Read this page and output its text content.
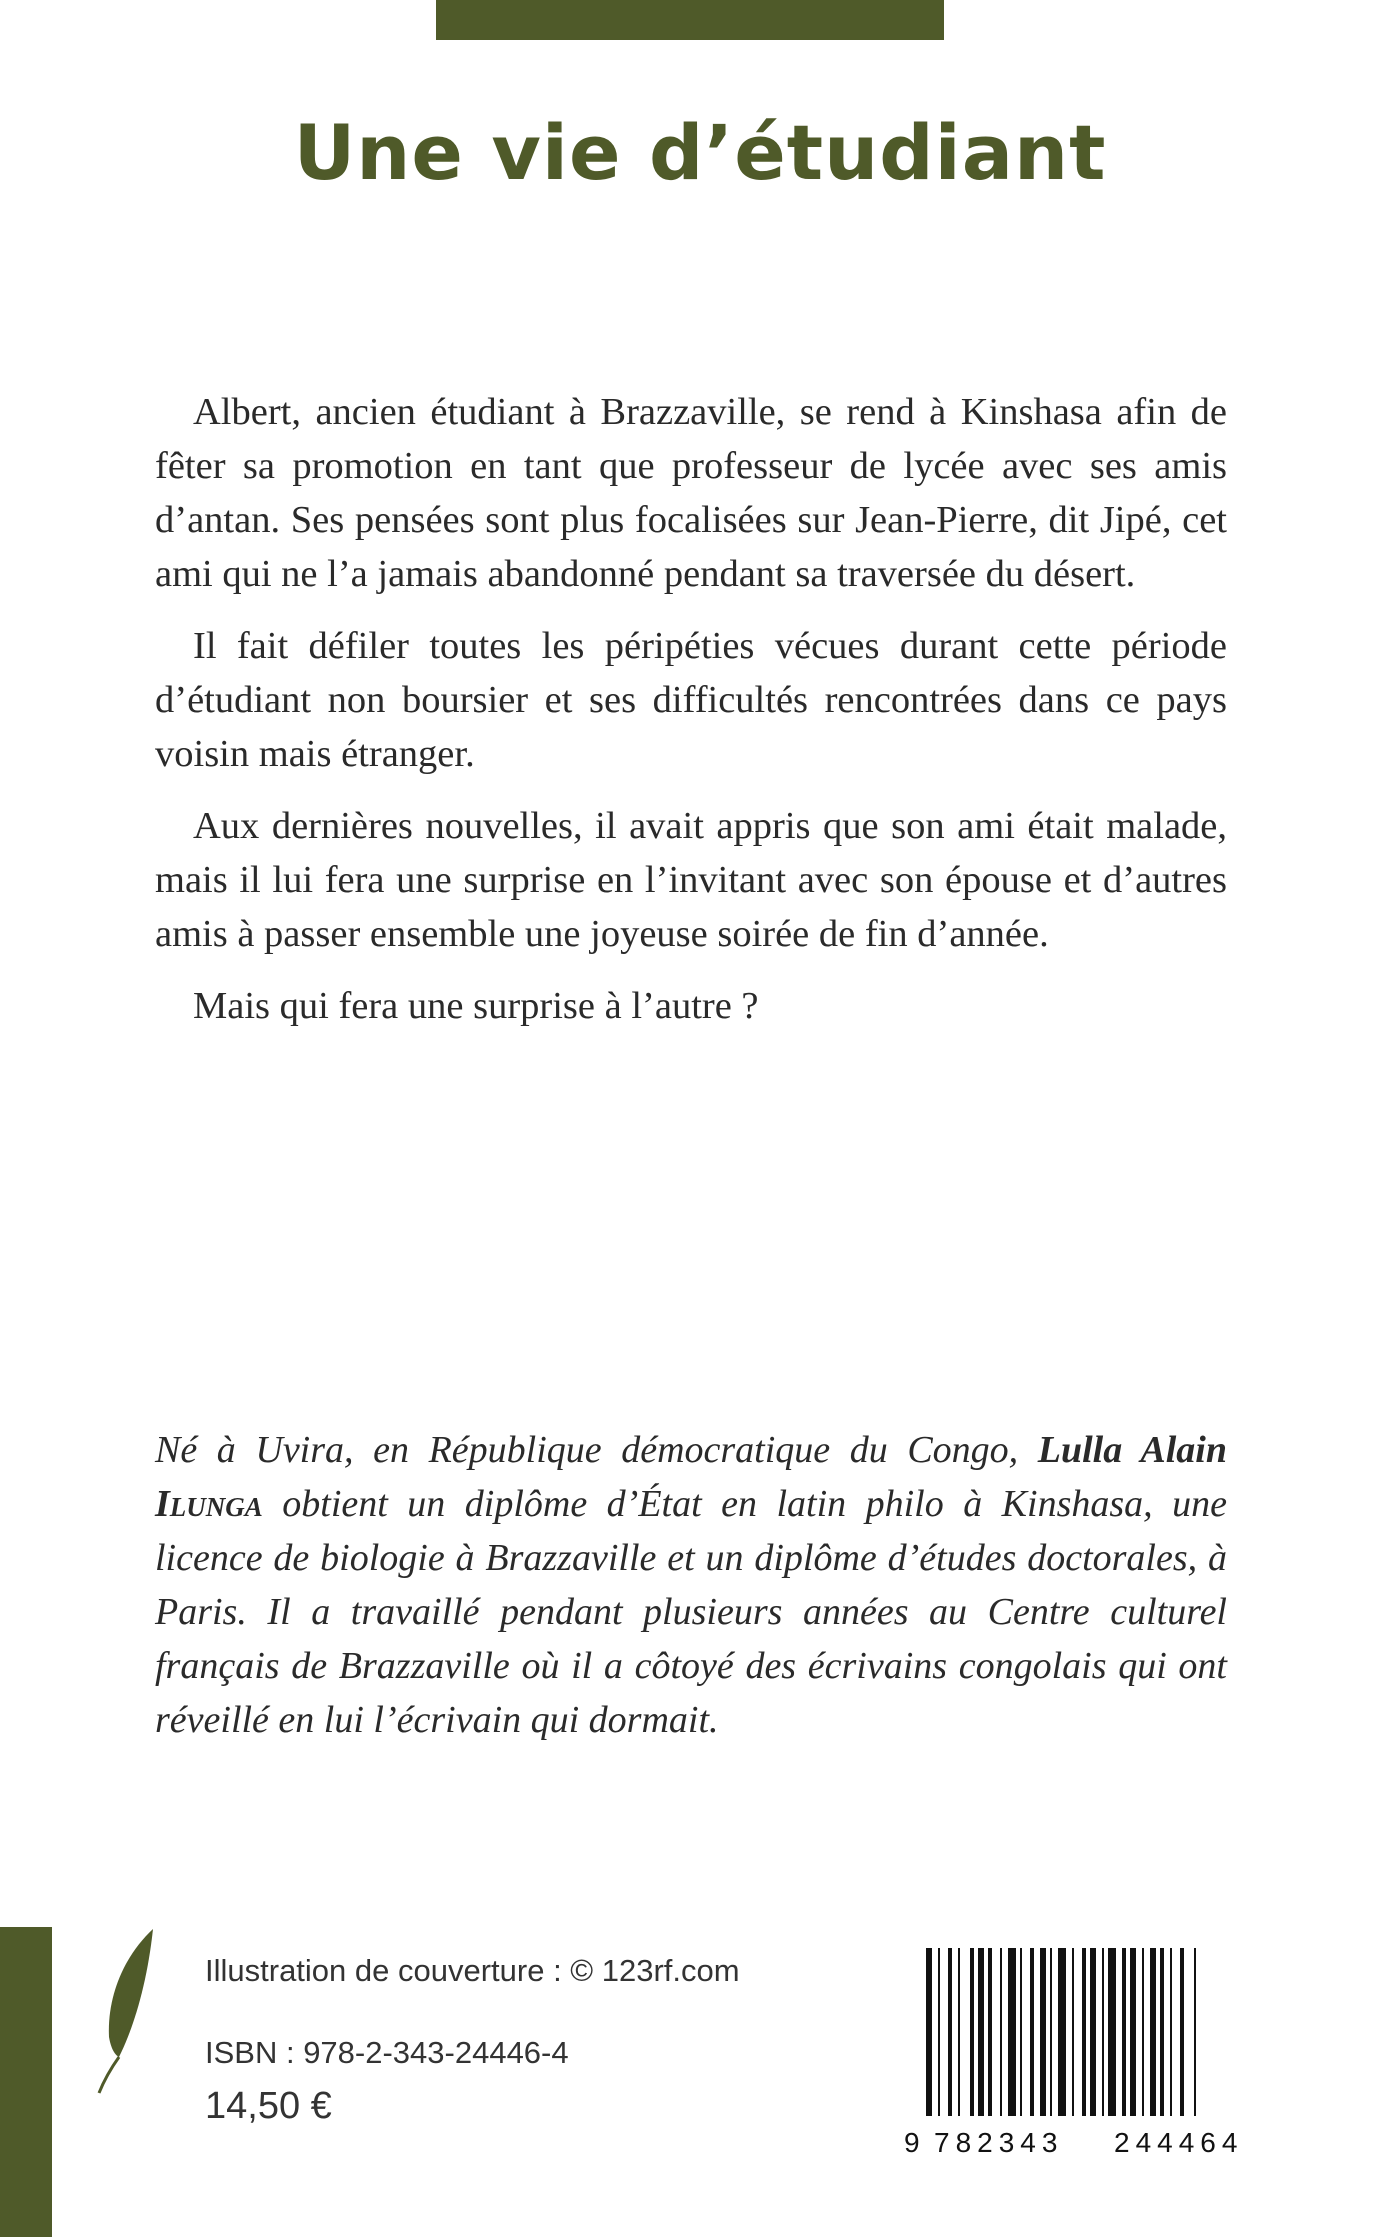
Une vie d’étudiant

Albert, ancien étudiant à Brazzaville, se rend à Kinshasa afin de fêter sa promotion en tant que professeur de lycée avec ses amis d’antan. Ses pensées sont plus focalisées sur Jean-Pierre, dit Jipé, cet ami qui ne l’a jamais abandonné pendant sa traversée du désert.

Il fait défiler toutes les péripéties vécues durant cette période d’étudiant non boursier et ses difficultés rencontrées dans ce pays voisin mais étranger.

Aux dernières nouvelles, il avait appris que son ami était malade, mais il lui fera une surprise en l’invitant avec son épouse et d’autres amis à passer ensemble une joyeuse soirée de fin d’année.

Mais qui fera une surprise à l’autre ?

Né à Uvira, en République démocratique du Congo, Lulla Alain Ilunga obtient un diplôme d’État en latin philo à Kinshasa, une licence de biologie à Brazzaville et un diplôme d’études doctorales, à Paris. Il a travaillé pendant plusieurs années au Centre culturel français de Brazzaville où il a côtoyé des écrivains congolais qui ont réveillé en lui l’écrivain qui dormait.

Illustration de couverture : © 123rf.com
ISBN : 978-2-343-24446-4
14,50 €
9 782343 244464
